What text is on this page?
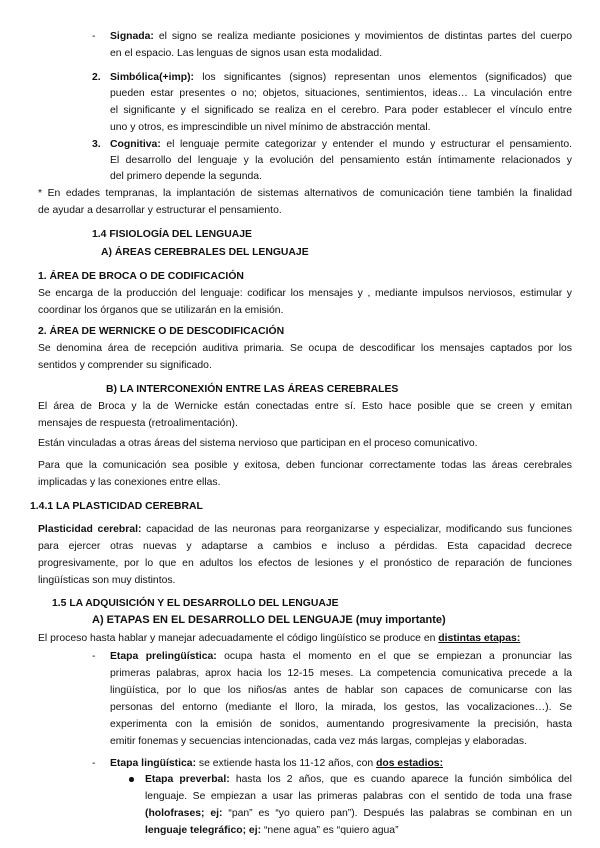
- Signada: el signo se realiza mediante posiciones y movimientos de distintas partes del cuerpo
en el espacio. Las lenguas de signos usan esta modalidad.
2. Simbólica(+imp): los significantes (signos) representan unos elementos (significados) que
pueden estar presentes o no; objetos, situaciones, sentimientos, ideas… La vinculación entre
el significante y el significado se realiza en el cerebro. Para poder establecer el vínculo entre
uno y otros, es imprescindible un nivel mínimo de abstracción mental.
3. Cognitiva: el lenguaje permite categorizar y entender el mundo y estructurar el pensamiento.
El desarrollo del lenguaje y la evolución del pensamiento están íntimamente relacionados y
del primero depende la segunda.
* En edades tempranas, la implantación de sistemas alternativos de comunicación tiene también la finalidad
de ayudar a desarrollar y estructurar el pensamiento.
1.4 FISIOLOGÍA DEL LENGUAJE
A) ÁREAS CEREBRALES DEL LENGUAJE
1. ÁREA DE BROCA O DE CODIFICACIÓN
Se encarga de la producción del lenguaje: codificar los mensajes y , mediante impulsos nerviosos, estimular y
coordinar los órganos que se utilizarán en la emisión.
2. ÁREA DE WERNICKE O DE DESCODIFICACIÓN
Se denomina área de recepción auditiva primaria. Se ocupa de descodificar los mensajes captados por los
sentidos y comprender su significado.
B) LA INTERCONEXIÓN ENTRE LAS ÁREAS CEREBRALES
El área de Broca y la de Wernicke están conectadas entre sí. Esto hace posible que se creen y emitan
mensajes de respuesta (retroalimentación).
Están vinculadas a otras áreas del sistema nervioso que participan en el proceso comunicativo.
Para que la comunicación sea posible y exitosa, deben funcionar correctamente todas las áreas cerebrales
implicadas y las conexiones entre ellas.
1.4.1 LA PLASTICIDAD CEREBRAL
Plasticidad cerebral: capacidad de las neuronas para reorganizarse y especializar, modificando sus funciones
para ejercer otras nuevas y adaptarse a cambios e incluso a pérdidas. Esta capacidad decrece
progresivamente, por lo que en adultos los efectos de lesiones y el pronóstico de reparación de funciones
lingüísticas son muy distintos.
1.5 LA ADQUISICIÓN Y EL DESARROLLO DEL LENGUAJE
A) ETAPAS EN EL DESARROLLO DEL LENGUAJE (muy importante)
El proceso hasta hablar y manejar adecuadamente el código lingüístico se produce en distintas etapas:
- Etapa prelingüística: ocupa hasta el momento en el que se empiezan a pronunciar las
primeras palabras, aprox hacia los 12-15 meses. La competencia comunicativa precede a la
lingüística, por lo que los niños/as antes de hablar son capaces de comunicarse con las
personas del entorno (mediante el lloro, la mirada, los gestos, las vocalizaciones…). Se
experimenta con la emisión de sonidos, aumentando progresivamente la precisión, hasta
emitir fonemas y secuencias intencionadas, cada vez más largas, complejas y elaboradas.
- Etapa lingüística: se extiende hasta los 11-12 años, con dos estadios:
Etapa preverbal: hasta los 2 años, que es cuando aparece la función simbólica del
lenguaje. Se empiezan a usar las primeras palabras con el sentido de toda una frase
(holofrases; ej: “pan” es “yo quiero pan”). Después las palabras se combinan en un
lenguaje telegráfico; ej: “nene agua” es “quiero agua”
